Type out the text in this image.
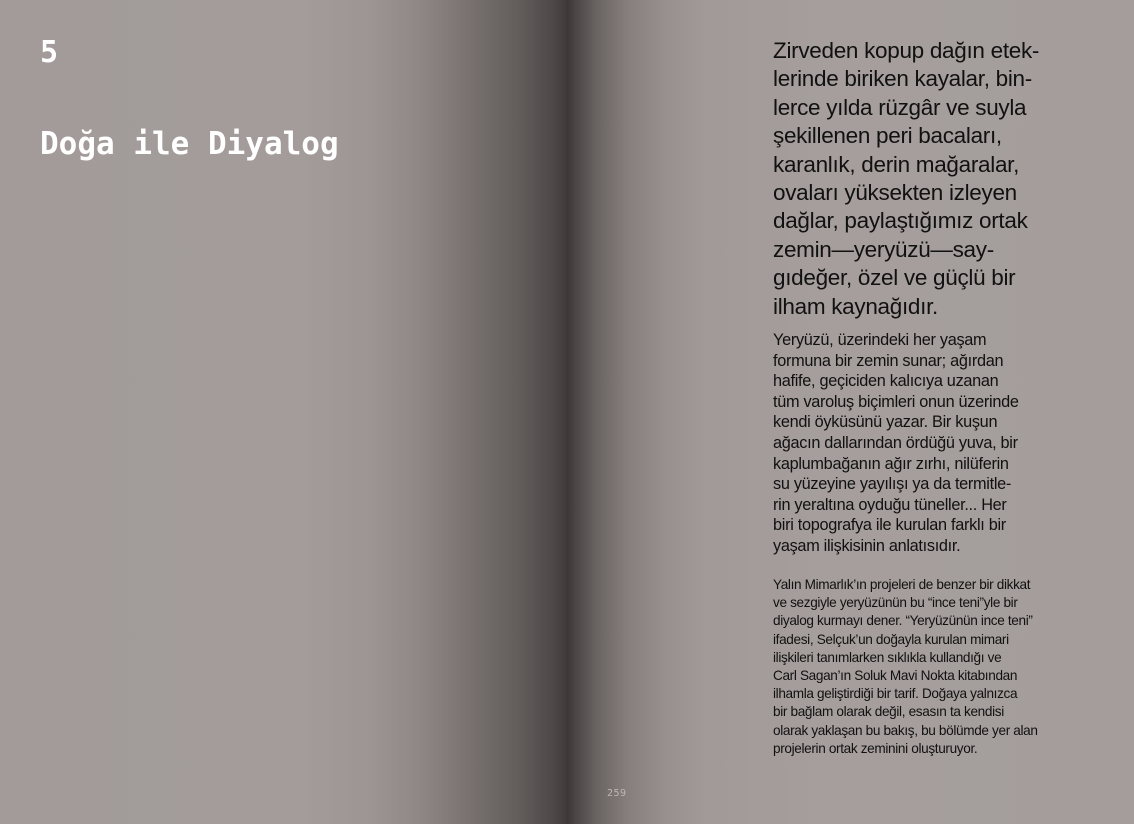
5
Doğa ile Diyalog
Zirveden kopup dağın etek-
lerinde biriken kayalar, bin-
lerce yılda rüzgâr ve suyla
şekillenen peri bacaları,
karanlık, derin mağaralar,
ovaları yüksekten izleyen
dağlar, paylaştığımız ortak
zemin—yeryüzü—say-
gıdeğer, özel ve güçlü bir
ilham kaynağıdır.
Yeryüzü, üzerindeki her yaşam
formuna bir zemin sunar; ağırdan
hafife, geçiciden kalıcıya uzanan
tüm varoluş biçimleri onun üzerinde
kendi öyküsünü yazar. Bir kuşun
ağacın dallarından ördüğü yuva, bir
kaplumbağanın ağır zırhı, nilüferin
su yüzeyine yayılışı ya da termitle-
rin yeraltına oyduğu tüneller... Her
biri topografya ile kurulan farklı bir
yaşam ilişkisinin anlatısıdır.
Yalın Mimarlık’ın projeleri de benzer bir dikkat
ve sezgiyle yeryüzünün bu “ince teni”yle bir
diyalog kurmayı dener. “Yeryüzünün ince teni”
ifadesi, Selçuk’un doğayla kurulan mimari
ilişkileri tanımlarken sıklıkla kullandığı ve
Carl Sagan’ın Soluk Mavi Nokta kitabından
ilhamla geliştirdiği bir tarif. Doğaya yalnızca
bir bağlam olarak değil, esasın ta kendisi
olarak yaklaşan bu bakış, bu bölümde yer alan
projelerin ortak zeminini oluşturuyor.
259
